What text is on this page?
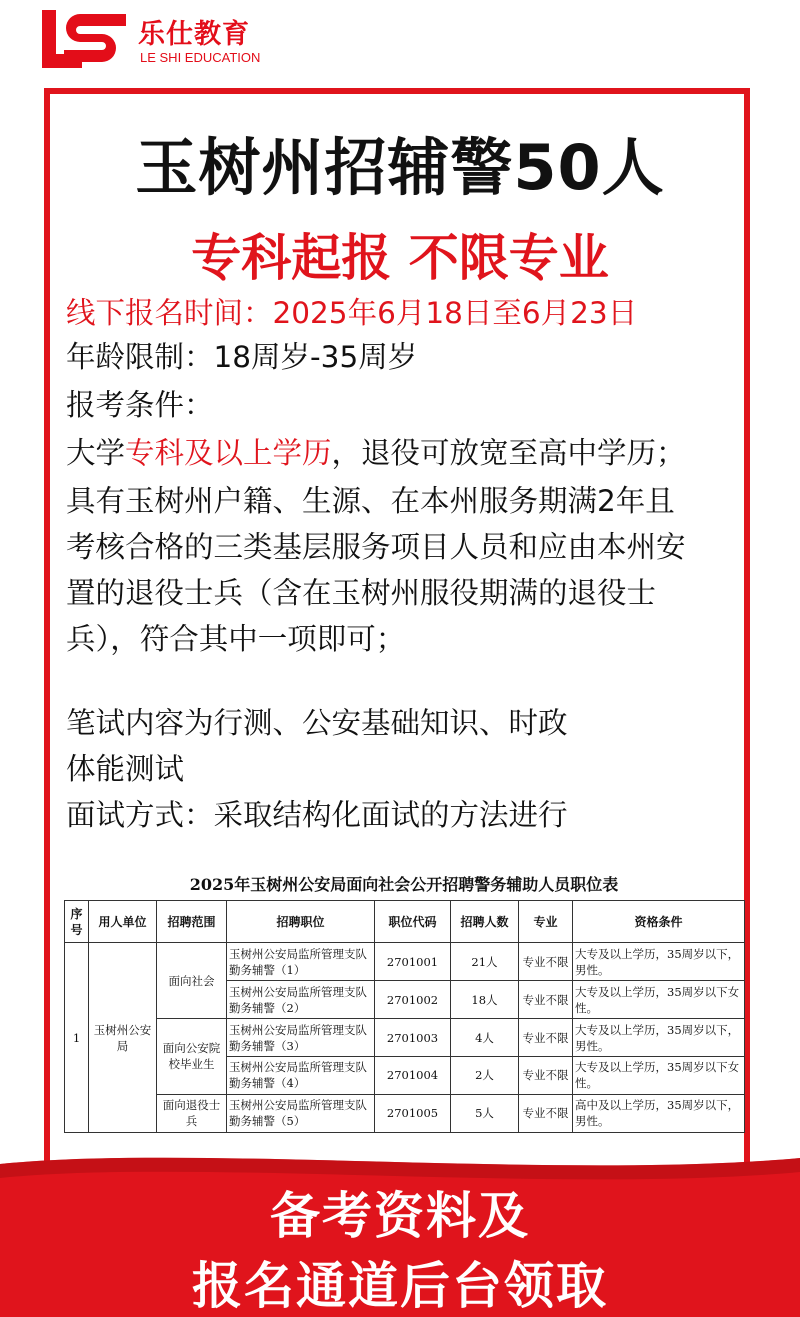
乐仕教育
LE SHI EDUCATION
玉树州招辅警50人
专科起报 不限专业
线下报名时间：2025年6月18日至6月23日
年龄限制：18周岁-35周岁
报考条件：
大学专科及以上学历，退役可放宽至高中学历；
具有玉树州户籍、生源、在本州服务期满2年且
考核合格的三类基层服务项目人员和应由本州安
置的退役士兵（含在玉树州服役期满的退役士
兵），符合其中一项即可；
笔试内容为行测、公安基础知识、时政
体能测试
面试方式：采取结构化面试的方法进行
2025年玉树州公安局面向社会公开招聘警务辅助人员职位表
序号	用人单位	招聘范围	招聘职位	职位代码	招聘人数	专业	资格条件
1	玉树州公安局	面向社会	玉树州公安局监所管理支队勤务辅警（1）	2701001	21人	专业不限	大专及以上学历，35周岁以下，男性。
			玉树州公安局监所管理支队勤务辅警（2）	2701002	18人	专业不限	大专及以上学历，35周岁以下女性。
		面向公安院校毕业生	玉树州公安局监所管理支队勤务辅警（3）	2701003	4人	专业不限	大专及以上学历，35周岁以下，男性。
			玉树州公安局监所管理支队勤务辅警（4）	2701004	2人	专业不限	大专及以上学历，35周岁以下女性。
		面向退役士兵	玉树州公安局监所管理支队勤务辅警（5）	2701005	5人	专业不限	高中及以上学历，35周岁以下，男性。
备考资料及
报名通道后台领取
